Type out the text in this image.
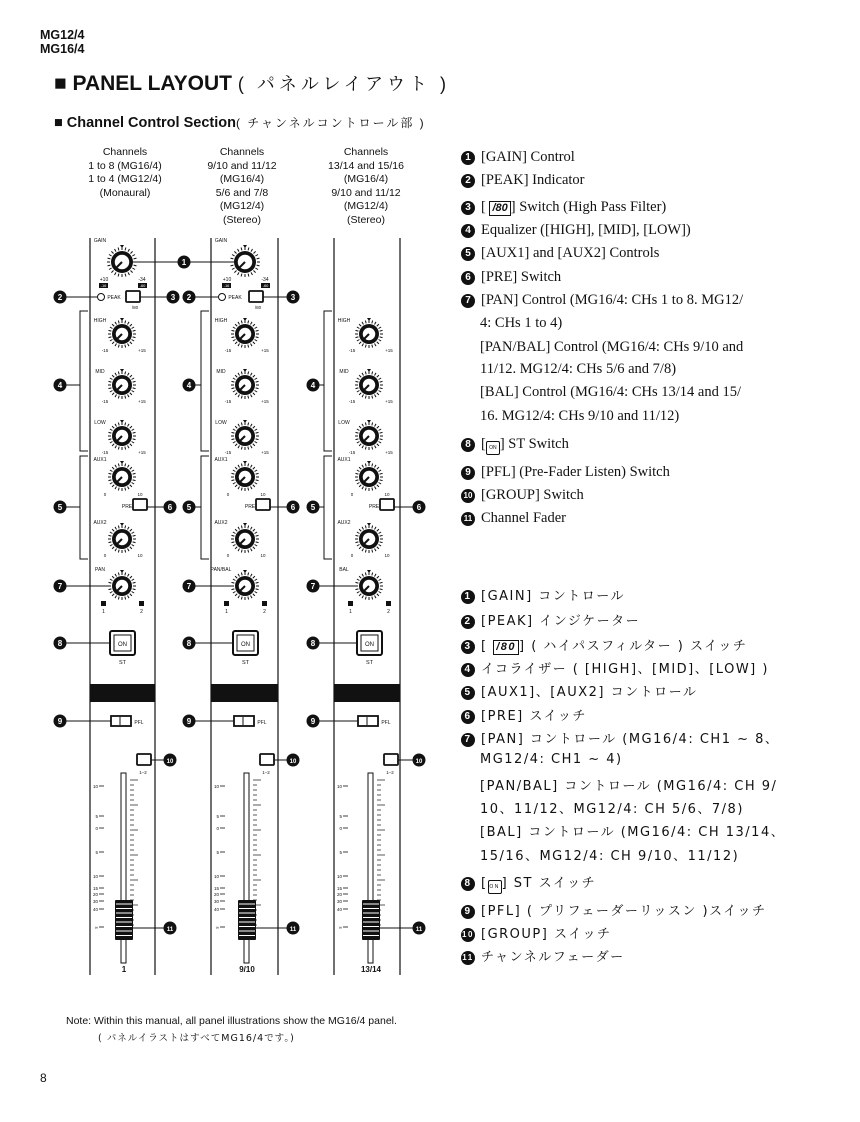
MG12/4
MG16/4
■ PANEL LAYOUT ( パネルレイアウト )
■ Channel Control Section( チャンネルコントロール部 )
Channels
1 to 8 (MG16/4)
1 to 4 (MG12/4)
(Monaural)
Channels
9/10 and 11/12
(MG16/4)
5/6 and 7/8
(MG12/4)
(Stereo)
Channels
13/14 and 15/16
(MG16/4)
9/10 and 11/12
(MG12/4)
(Stereo)
GAIN
+10	-34
-16	-60
PEAK
/80
HIGH
-15	+15
MID
-15	+15
LOW
-15	+15
AUX1
0	10
PRE
AUX2
0	10
PAN
1	2
ON
ST
PFL
1–2
10
5
0
5
10
15
20
30
40
∞
1
GAIN
+10	-34
-16	-60
PEAK
/80
HIGH
-15	+15
MID
-15	+15
LOW
-15	+15
AUX1
0	10
PRE
AUX2
0	10
PAN/BAL
1	2
ON
ST
PFL
1–2
10
5
0
5
10
15
20
30
40
∞
9/10
HIGH
-15	+15
MID
-15	+15
LOW
-15	+15
AUX1
0	10
PRE
AUX2
0	10
BAL
1	2
ON
ST
PFL
1–2
10
5
0
5
10
15
20
30
40
∞
13/14
1
2	3 2	3
4	4	4
5	6 5	6 5	6
7	7	7
8	8	8
9	9	9
10	10	10
11	11	11
1 [GAIN] Control
2 [PEAK] Indicator
3 [ /80 ] Switch (High Pass Filter)
4 Equalizer ([HIGH], [MID], [LOW])
5 [AUX1] and [AUX2] Controls
6 [PRE] Switch
7 [PAN] Control (MG16/4: CHs 1 to 8. MG12/
4: CHs 1 to 4)
[PAN/BAL] Control (MG16/4: CHs 9/10 and
11/12. MG12/4: CHs 5/6 and 7/8)
[BAL] Control (MG16/4: CHs 13/14 and 15/
16. MG12/4: CHs 9/10 and 11/12)
8 [ ON ] ST Switch
9 [PFL] (Pre-Fader Listen) Switch
10 [GROUP] Switch
11 Channel Fader
1 [GAIN] コントロール
2 [PEAK] インジケーター
3 [ /80 ] ( ハイパスフィルター ) スイッチ
4 イコライザー ( [HIGH]、[MID]、[LOW] )
5 [AUX1]、[AUX2] コントロール
6 [PRE] スイッチ
7 [PAN] コントロール (MG16/4: CH1 ~ 8、
MG12/4: CH1 ~ 4)
[PAN/BAL] コントロール (MG16/4: CH 9/
10、11/12、MG12/4: CH 5/6、7/8)
[BAL] コントロール (MG16/4: CH 13/14、
15/16、MG12/4: CH 9/10、11/12)
8 [ ON ] ST スイッチ
9 [PFL] ( プリフェーダーリッスン )スイッチ
10 [GROUP] スイッチ
11 チャンネルフェーダー
Note: Within this manual, all panel illustrations show the MG16/4 panel.
( パネルイラストはすべてMG16/4です。)
8
